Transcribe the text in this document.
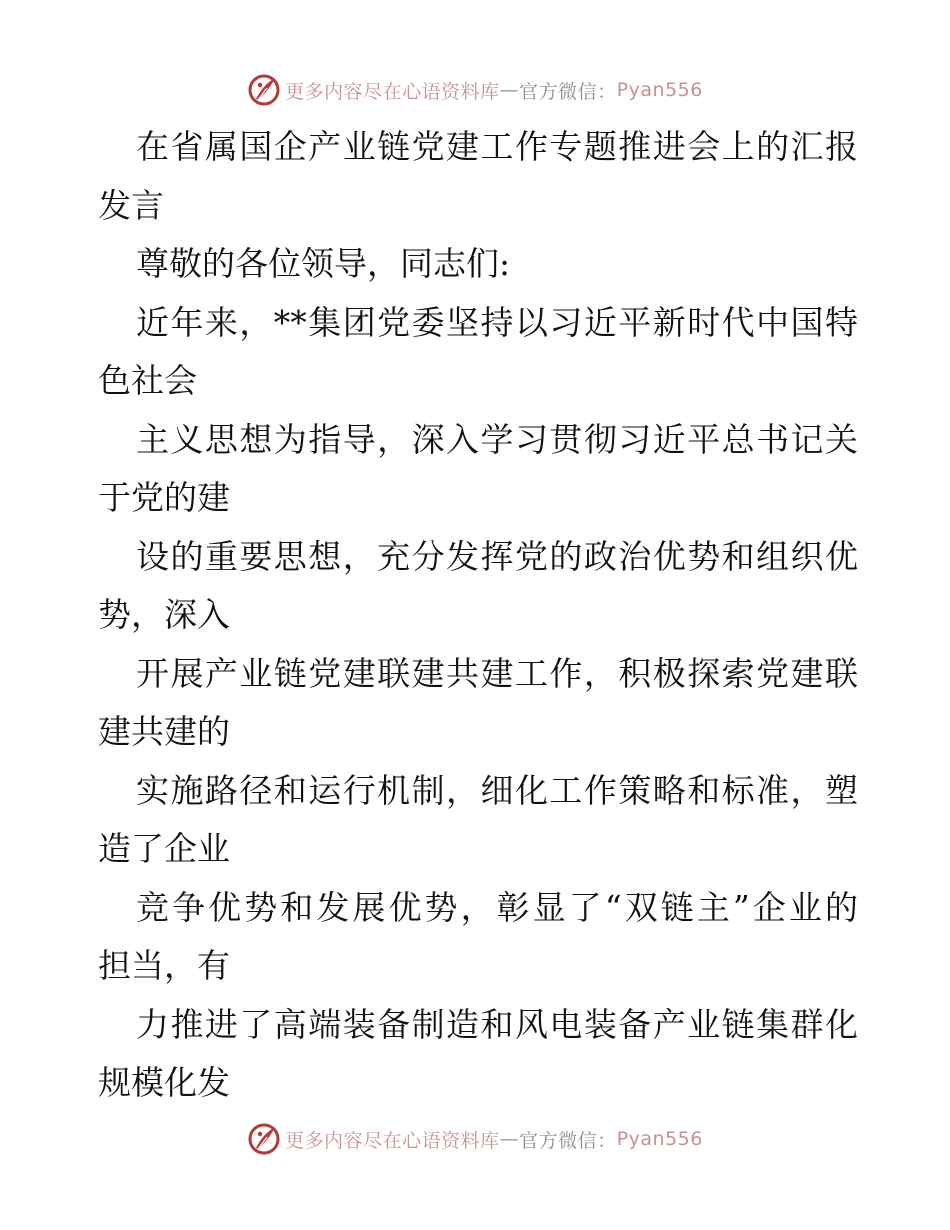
更多内容尽在心语资料库 — 官方微信： Pyan556
在省属国企产业链党建工作专题推进会上的汇报
发言
尊敬的各位领导，同志们:
近年来，**集团党委坚持以习近平新时代中国特
色社会
主义思想为指导，深入学习贯彻习近平总书记关
于党的建
设的重要思想，充分发挥党的政治优势和组织优
势，深入
开展产业链党建联建共建工作，积极探索党建联
建共建的
实施路径和运行机制，细化工作策略和标准，塑
造了企业
竞争优势和发展优势，彰显了“双链主”企业的
担当，有
力推进了高端装备制造和风电装备产业链集群化
规模化发
更多内容尽在心语资料库 — 官方微信： Pyan556
